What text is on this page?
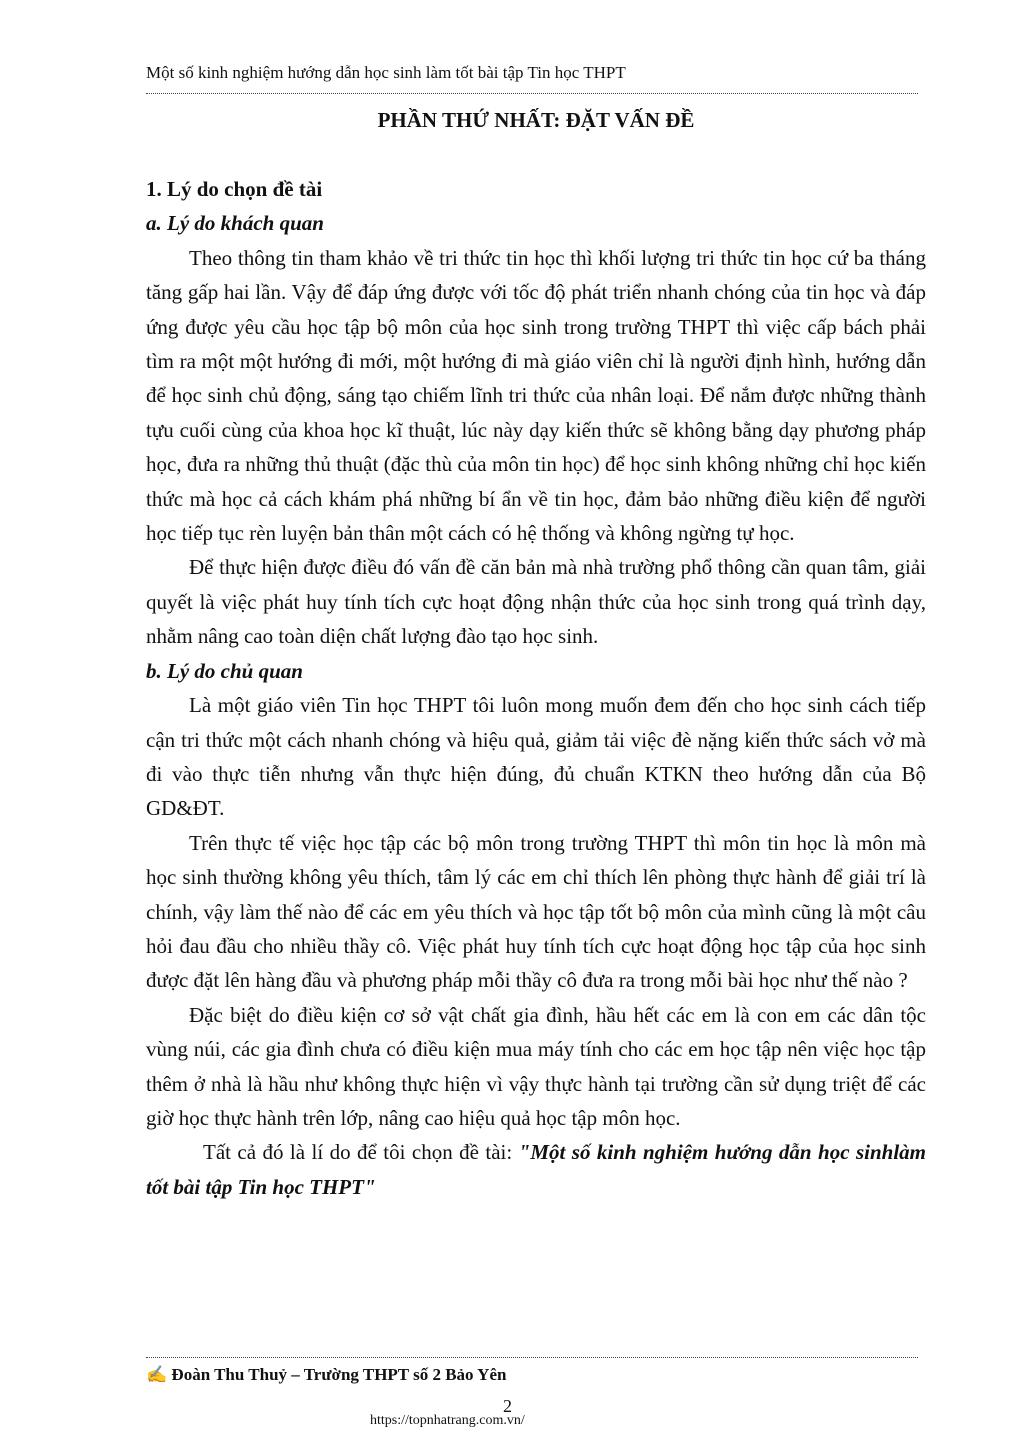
Một số kinh nghiệm hướng dẫn học sinh làm tốt bài tập Tin học THPT
PHẦN THỨ NHẤT: ĐẶT VẤN ĐỀ

1. Lý do chọn đề tài

a. Lý do khách quan

Theo thông tin tham khảo về tri thức tin học thì khối lượng tri thức tin học cứ ba tháng tăng gấp hai lần. Vậy để đáp ứng được với tốc độ phát triển nhanh chóng của tin học và đáp ứng được yêu cầu học tập bộ môn của học sinh trong trường THPT thì việc cấp bách phải tìm ra một một hướng đi mới, một hướng đi mà giáo viên chỉ là người định hình, hướng dẫn để học sinh chủ động, sáng tạo chiếm lĩnh tri thức của nhân loại. Để nắm được những thành tựu cuối cùng của khoa học kĩ thuật, lúc này dạy kiến thức sẽ không bằng dạy phương pháp học, đưa ra những thủ thuật (đặc thù của môn tin học) để học sinh không những chỉ học kiến thức mà học cả cách khám phá những bí ẩn về tin học, đảm bảo những điều kiện để người học tiếp tục rèn luyện bản thân một cách có hệ thống và không ngừng tự học.

Để thực hiện được điều đó vấn đề căn bản mà nhà trường phổ thông cần quan tâm, giải quyết là việc phát huy tính tích cực hoạt động nhận thức của học sinh trong quá trình dạy, nhằm nâng cao toàn diện chất lượng đào tạo học sinh.

b. Lý do chủ quan

Là một giáo viên Tin học THPT tôi luôn mong muốn đem đến cho học sinh cách tiếp cận tri thức một cách nhanh chóng và hiệu quả, giảm tải việc đè nặng kiến thức sách vở mà đi vào thực tiễn nhưng vẫn thực hiện đúng, đủ chuẩn KTKN theo hướng dẫn của Bộ GD&ĐT.

Trên thực tế việc học tập các bộ môn trong trường THPT thì môn tin học là môn mà học sinh thường không yêu thích, tâm lý các em chỉ thích lên phòng thực hành để giải trí là chính, vậy làm thế nào để các em yêu thích và học tập tốt bộ môn của mình cũng là một câu hỏi đau đầu cho nhiều thầy cô. Việc phát huy tính tích cực hoạt động học tập của học sinh được đặt lên hàng đầu và phương pháp mỗi thầy cô đưa ra trong mỗi bài học như thế nào ?

Đặc biệt do điều kiện cơ sở vật chất gia đình, hầu hết các em là con em các dân tộc vùng núi, các gia đình chưa có điều kiện mua máy tính cho các em học tập nên việc học tập thêm ở nhà là hầu như không thực hiện vì vậy thực hành tại trường cần sử dụng triệt để các giờ học thực hành trên lớp, nâng cao hiệu quả học tập môn học.

Tất cả đó là lí do để tôi chọn đề tài: "Một số kinh nghiệm hướng dẫn học sinhlàm tốt bài tập Tin học THPT"

✍ Đoàn Thu Thuỷ – Trường THPT số 2 Bảo Yên
2
https://topnhatrang.com.vn/
